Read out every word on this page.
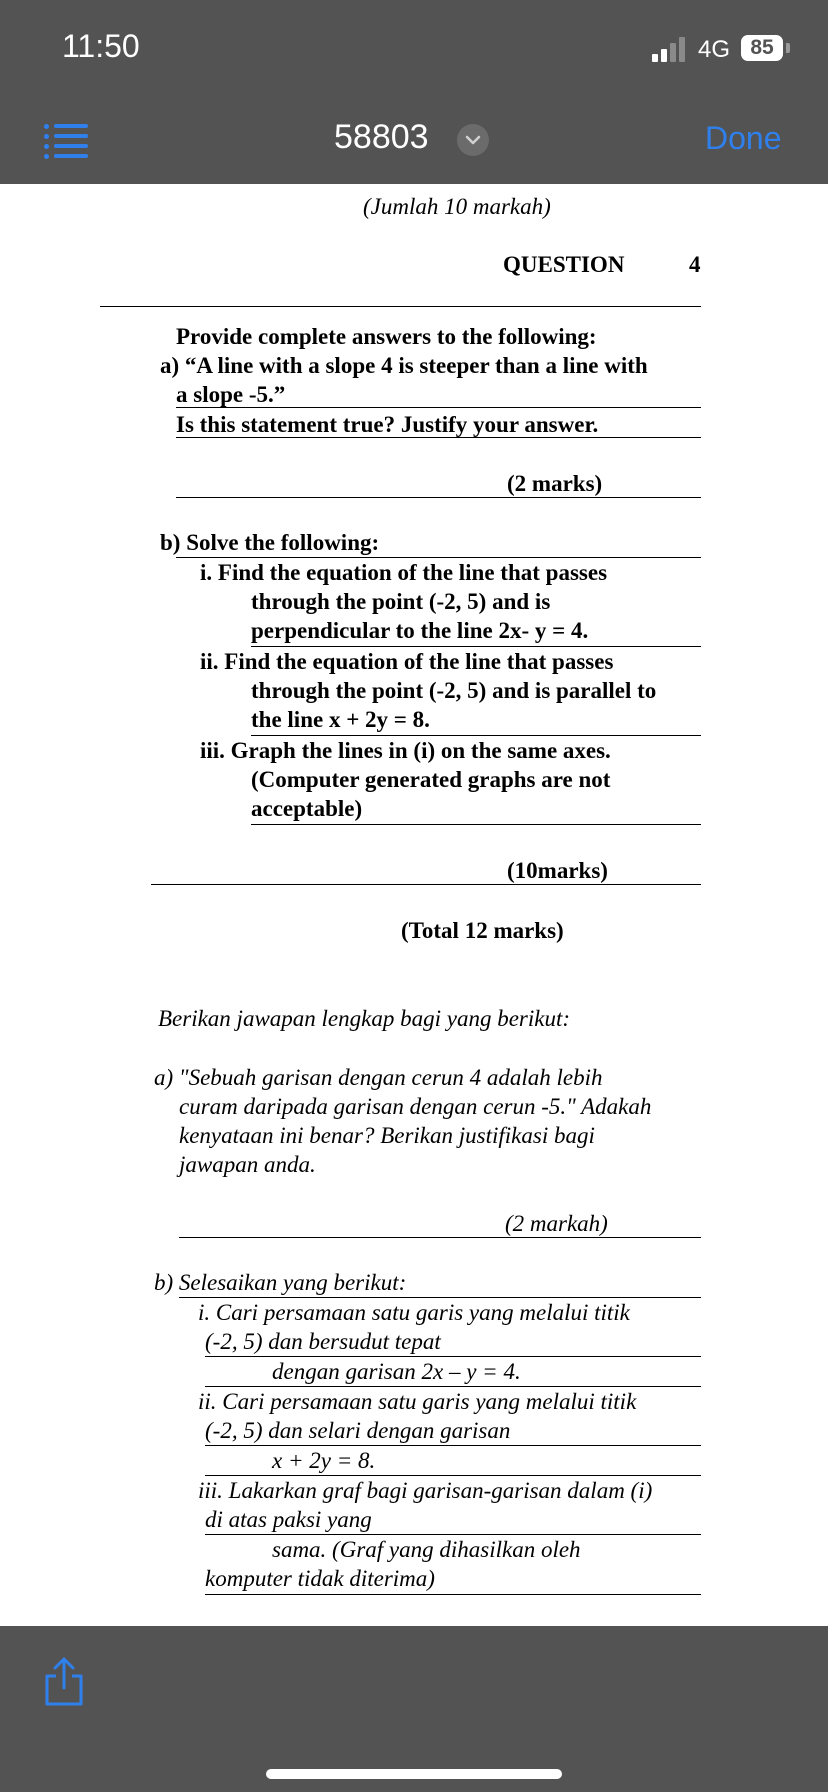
11:50	4G 85
58803	Done
(Jumlah 10 markah)
QUESTION	4
Provide complete answers to the following:
a) “A line with a slope 4 is steeper than a line with
a slope -5.”
Is this statement true? Justify your answer.
(2 marks)
b) Solve the following:
i. Find the equation of the line that passes
through the point (-2, 5) and is
perpendicular to the line 2x- y = 4.
ii. Find the equation of the line that passes
through the point (-2, 5) and is parallel to
the line x + 2y = 8.
iii. Graph the lines in (i) on the same axes.
(Computer generated graphs are not
acceptable)
(10marks)
(Total 12 marks)
Berikan jawapan lengkap bagi yang berikut:
a) "Sebuah garisan dengan cerun 4 adalah lebih
curam daripada garisan dengan cerun -5." Adakah
kenyataan ini benar? Berikan justifikasi bagi
jawapan anda.
(2 markah)
b) Selesaikan yang berikut:
i. Cari persamaan satu garis yang melalui titik
(-2, 5) dan bersudut tepat
dengan garisan 2x – y = 4.
ii. Cari persamaan satu garis yang melalui titik
(-2, 5) dan selari dengan garisan
x + 2y = 8.
iii. Lakarkan graf bagi garisan-garisan dalam (i)
di atas paksi yang
sama. (Graf yang dihasilkan oleh
komputer tidak diterima)
